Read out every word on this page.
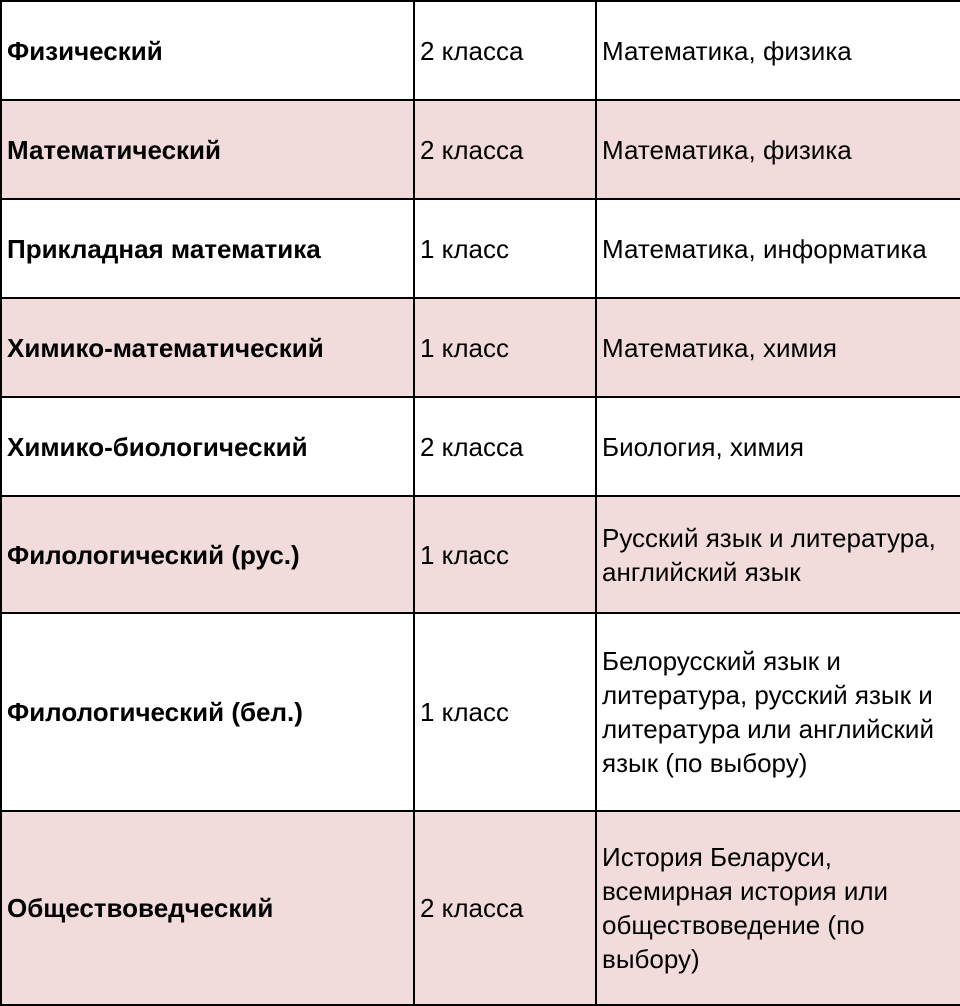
Физический	2 класса	Математика, физика
Математический	2 класса	Математика, физика
Прикладная математика	1 класс	Математика, информатика
Химико-математический	1 класс	Математика, химия
Химико-биологический	2 класса	Биология, химия
Филологический (рус.)	1 класс	Русский язык и литература, английский язык
Филологический (бел.)	1 класс	Белорусский язык и литература, русский язык и литература или английский язык (по выбору)
Обществоведческий	2 класса	История Беларуси, всемирная история или обществоведение (по выбору)
